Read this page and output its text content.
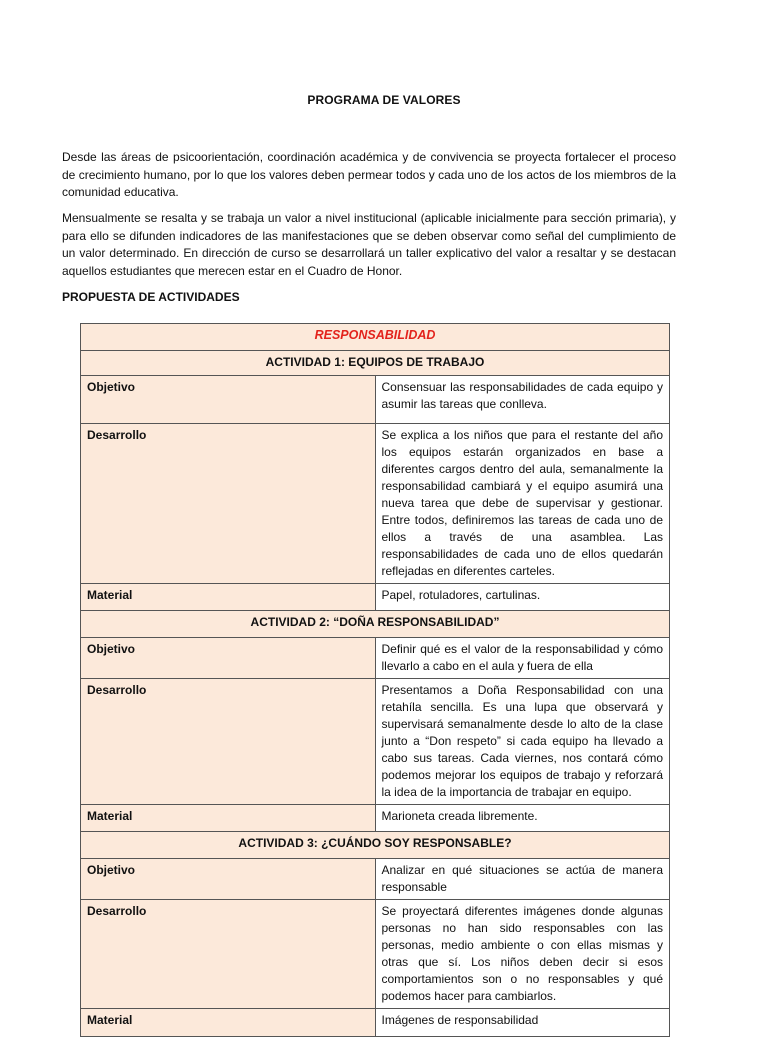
PROGRAMA DE VALORES

Desde las áreas de psicoorientación, coordinación académica y de convivencia se proyecta fortalecer el proceso de crecimiento humano, por lo que los valores deben permear todos y cada uno de los actos de los miembros de la comunidad educativa.

Mensualmente se resalta y se trabaja un valor a nivel institucional (aplicable inicialmente para sección primaria), y para ello se difunden indicadores de las manifestaciones que se deben observar como señal del cumplimiento de un valor determinado. En dirección de curso se desarrollará un taller explicativo del valor a resaltar y se destacan aquellos estudiantes que merecen estar en el Cuadro de Honor.

PROPUESTA DE ACTIVIDADES
RESPONSABILIDAD	
ACTIVIDAD 1: EQUIPOS DE TRABAJO	
Objetivo	Consensuar las responsabilidades de cada equipo y asumir las tareas que conlleva.
Desarrollo	Se explica a los niños que para el restante del año los equipos estarán organizados en base a diferentes cargos dentro del aula, semanalmente la responsabilidad cambiará y el equipo asumirá una nueva tarea que debe de supervisar y gestionar. Entre todos, definiremos las tareas de cada uno de ellos a través de una asamblea. Las responsabilidades de cada uno de ellos quedarán reflejadas en diferentes carteles.
Material	Papel, rotuladores, cartulinas.
ACTIVIDAD 2: “DOÑA RESPONSABILIDAD”	
Objetivo	Definir qué es el valor de la responsabilidad y cómo llevarlo a cabo en el aula y fuera de ella
Desarrollo	Presentamos a Doña Responsabilidad con una retahíla sencilla. Es una lupa que observará y supervisará semanalmente desde lo alto de la clase junto a “Don respeto” si cada equipo ha llevado a cabo sus tareas. Cada viernes, nos contará cómo podemos mejorar los equipos de trabajo y reforzará la idea de la importancia de trabajar en equipo.
Material	Marioneta creada libremente.
ACTIVIDAD 3: ¿CUÁNDO SOY RESPONSABLE?	
Objetivo	Analizar en qué situaciones se actúa de manera responsable
Desarrollo	Se proyectará diferentes imágenes donde algunas personas no han sido responsables con las personas, medio ambiente o con ellas mismas y otras que sí. Los niños deben decir si esos comportamientos son o no responsables y qué podemos hacer para cambiarlos.
Material	Imágenes de responsabilidad
